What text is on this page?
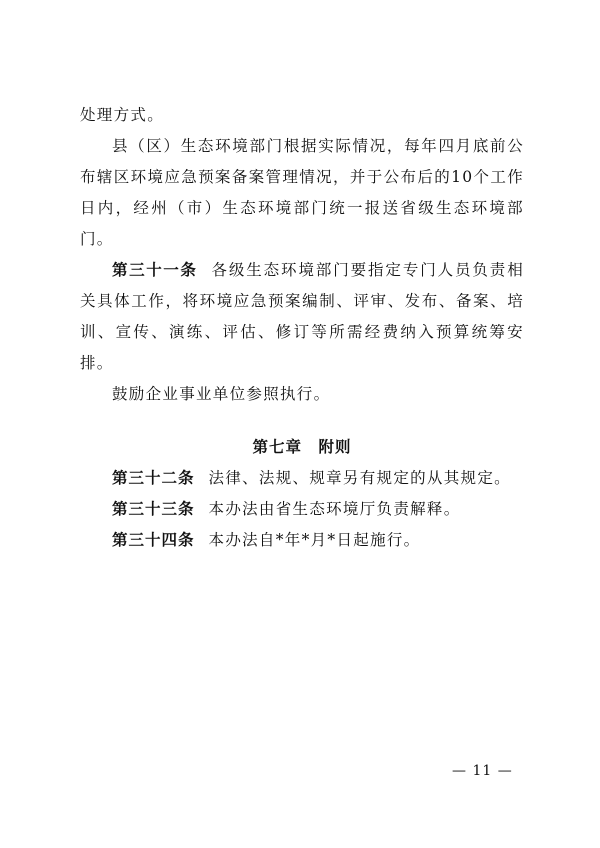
处理方式。

县（区）生态环境部门根据实际情况，每年四月底前公布辖区环境应急预案备案管理情况，并于公布后的10个工作日内，经州（市）生态环境部门统一报送省级生态环境部门。

第三十一条 各级生态环境部门要指定专门人员负责相关具体工作，将环境应急预案编制、评审、发布、备案、培训、宣传、演练、评估、修订等所需经费纳入预算统筹安排。

鼓励企业事业单位参照执行。

第七章　附则

第三十二条 法律、法规、规章另有规定的从其规定。

第三十三条 本办法由省生态环境厅负责解释。

第三十四条 本办法自*年*月*日起施行。

— 11 —
